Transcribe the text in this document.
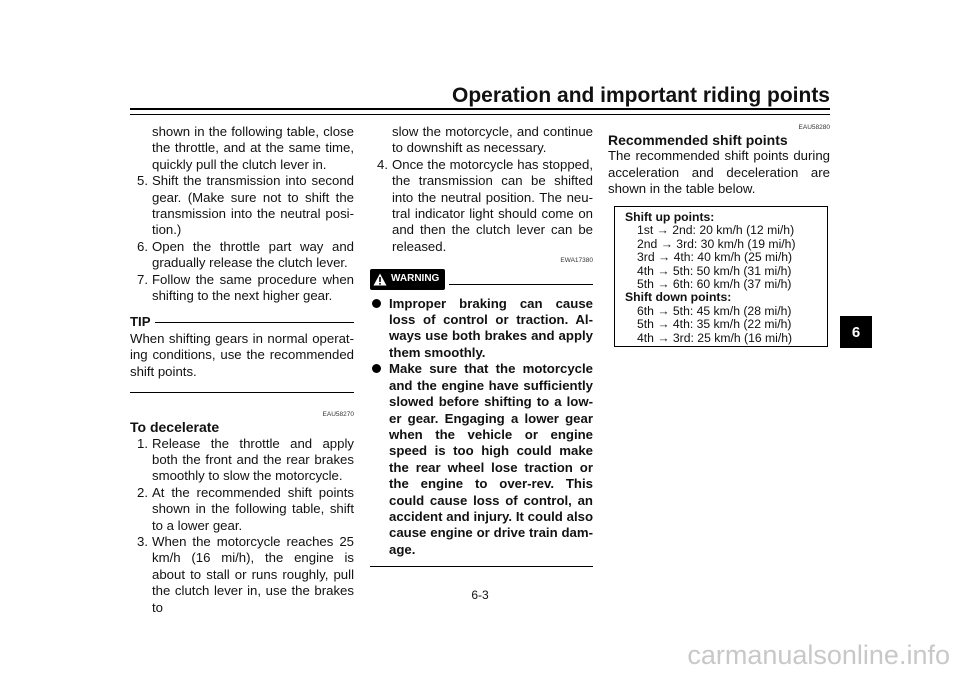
Operation and important riding points

shown in the following table, close the throttle, and at the same time, quickly pull the clutch lever in.

5. Shift the transmission into second gear. (Make sure not to shift the transmission into the neutral posi-tion.)
6. Open the throttle part way and gradually release the clutch lever.
7. Follow the same procedure when shifting to the next higher gear.
TIP

When shifting gears in normal operat-ing conditions, use the recommended shift points.

EAU58270

To decelerate

1. Release the throttle and apply both the front and the rear brakes smoothly to slow the motorcycle.
2. At the recommended shift points shown in the following table, shift to a lower gear.
3. When the motorcycle reaches 25 km/h (16 mi/h), the engine is about to stall or runs roughly, pull the clutch lever in, use the brakes to

slow the motorcycle, and continue to downshift as necessary.

4. Once the motorcycle has stopped, the transmission can be shifted into the neutral position. The neu-tral indicator light should come on and then the clutch lever can be released.
EWA17380
WARNING
Improper braking can cause loss of control or traction. Al-ways use both brakes and apply them smoothly.
Make sure that the motorcycle and the engine have sufficiently slowed before shifting to a low-er gear. Engaging a lower gear when the vehicle or engine speed is too high could make the rear wheel lose traction or the engine to over-rev. This could cause loss of control, an accident and injury. It could also cause engine or drive train dam-age.
EAU58280

Recommended shift points

The recommended shift points during acceleration and deceleration are shown in the table below.

Shift up points:

1st → 2nd: 20 km/h (12 mi/h)

2nd → 3rd: 30 km/h (19 mi/h)

3rd → 4th: 40 km/h (25 mi/h)

4th → 5th: 50 km/h (31 mi/h)

5th → 6th: 60 km/h (37 mi/h)

Shift down points:

6th → 5th: 45 km/h (28 mi/h)

5th → 4th: 35 km/h (22 mi/h)

4th → 3rd: 25 km/h (16 mi/h)	6
6-3
carmanualsonline.info
